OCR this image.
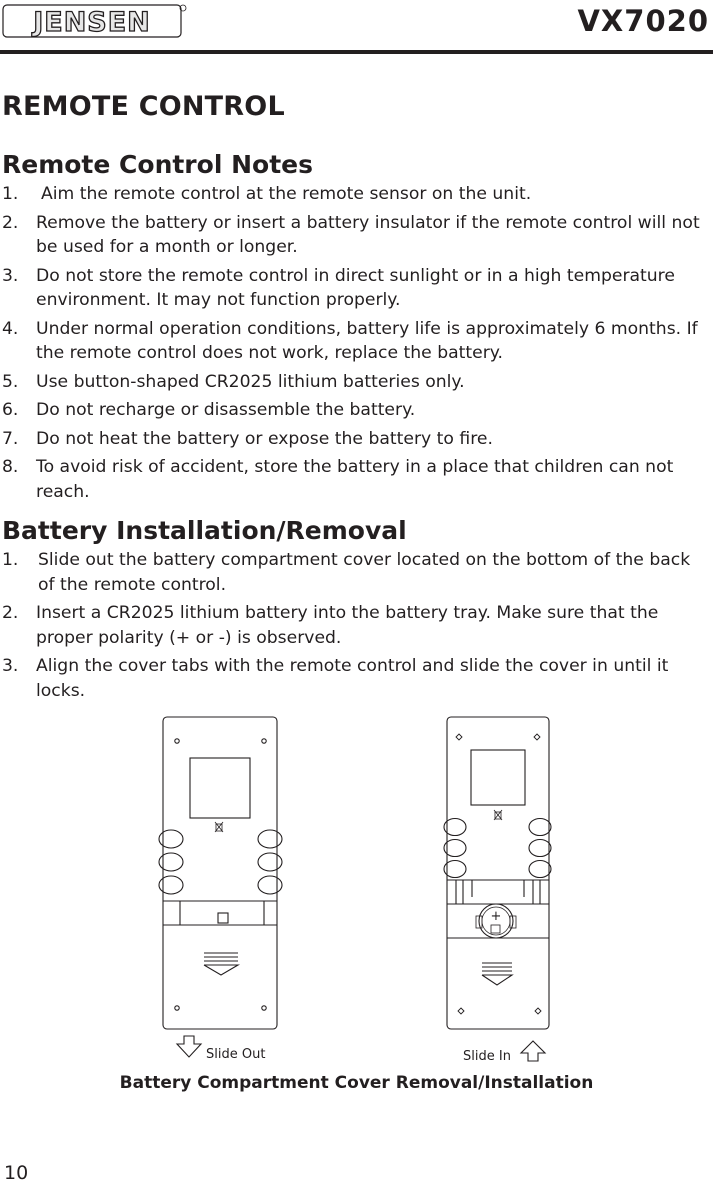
JENSEN	VX7020
REMOTE CONTROL
Remote Control Notes
1. Aim the remote control at the remote sensor on the unit.
2. Remove the battery or insert a battery insulator if the remote control will not be used for a month or longer.
3. Do not store the remote control in direct sunlight or in a high temperature environment. It may not function properly.
4. Under normal operation conditions, battery life is approximately 6 months. If the remote control does not work, replace the battery.
5. Use button-shaped CR2025 lithium batteries only.
6. Do not recharge or disassemble the battery.
7. Do not heat the battery or expose the battery to fire.
8. To avoid risk of accident, store the battery in a place that children can not reach.
Battery Installation/Removal
1. Slide out the battery compartment cover located on the bottom of the back of the remote control.
2. Insert a CR2025 lithium battery into the battery tray. Make sure that the proper polarity (+ or -) is observed.
3. Align the cover tabs with the remote control and slide the cover in until it locks.
Slide Out
+
Slide In
Battery Compartment Cover Removal/Installation
10
